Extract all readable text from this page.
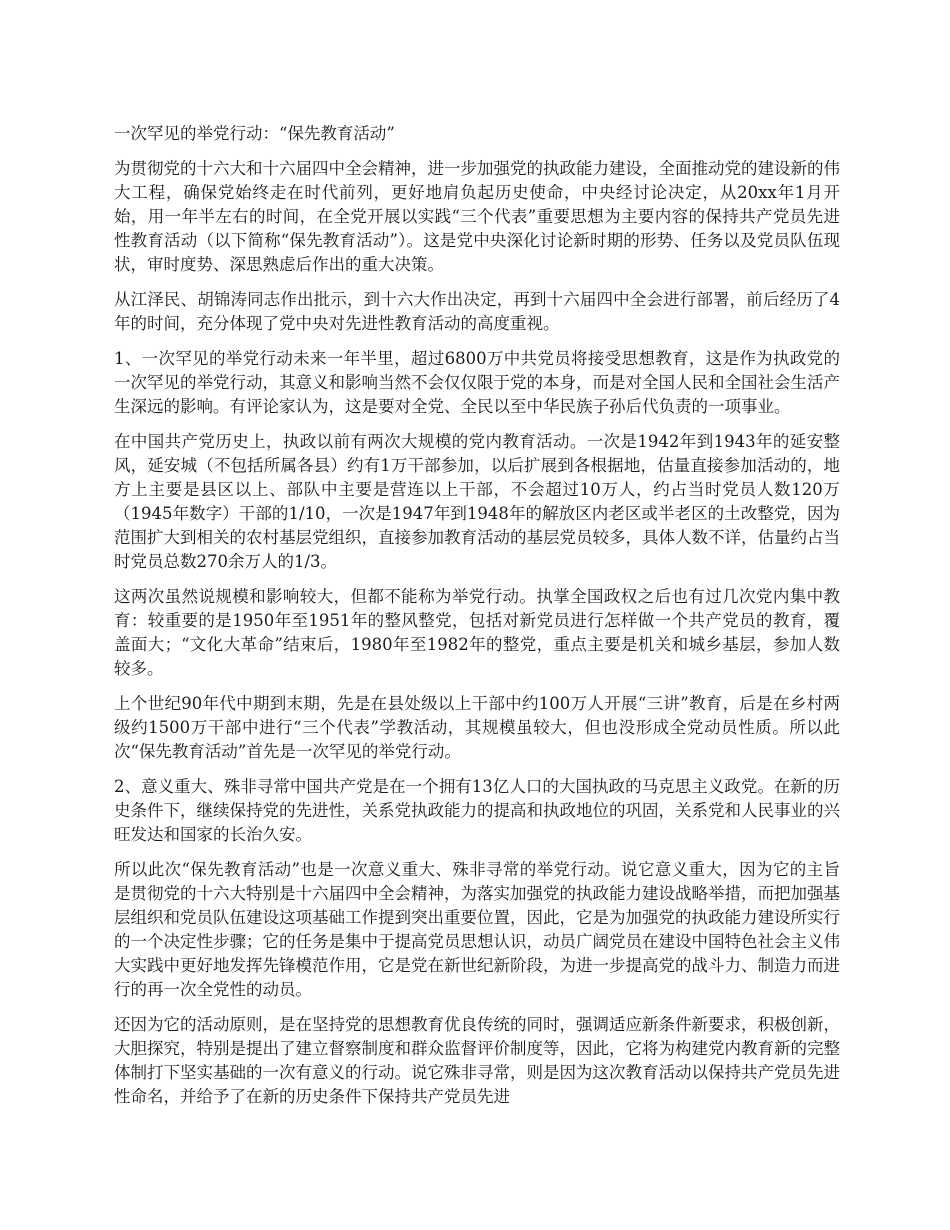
一次罕见的举党行动：“保先教育活动”

为贯彻党的十六大和十六届四中全会精神，进一步加强党的执政能力建设，全面推动党的建设新的伟大工程，确保党始终走在时代前列，更好地肩负起历史使命，中央经讨论决定，从20xx年1月开始，用一年半左右的时间，在全党开展以实践“三个代表”重要思想为主要内容的保持共产党员先进性教育活动（以下简称“保先教育活动”）。这是党中央深化讨论新时期的形势、任务以及党员队伍现状，审时度势、深思熟虑后作出的重大决策。

从江泽民、胡锦涛同志作出批示，到十六大作出决定，再到十六届四中全会进行部署，前后经历了4年的时间，充分体现了党中央对先进性教育活动的高度重视。

1、一次罕见的举党行动未来一年半里，超过6800万中共党员将接受思想教育，这是作为执政党的一次罕见的举党行动，其意义和影响当然不会仅仅限于党的本身，而是对全国人民和全国社会生活产生深远的影响。有评论家认为，这是要对全党、全民以至中华民族子孙后代负责的一项事业。

在中国共产党历史上，执政以前有两次大规模的党内教育活动。一次是1942年到1943年的延安整风，延安城（不包括所属各县）约有1万干部参加，以后扩展到各根据地，估量直接参加活动的，地方上主要是县区以上、部队中主要是营连以上干部，不会超过10万人，约占当时党员人数120万（1945年数字）干部的1/10，一次是1947年到1948年的解放区内老区或半老区的土改整党，因为范围扩大到相关的农村基层党组织，直接参加教育活动的基层党员较多，具体人数不详，估量约占当时党员总数270余万人的1/3。

这两次虽然说规模和影响较大，但都不能称为举党行动。执掌全国政权之后也有过几次党内集中教育：较重要的是1950年至1951年的整风整党，包括对新党员进行怎样做一个共产党员的教育，覆盖面大；“文化大革命”结束后，1980年至1982年的整党，重点主要是机关和城乡基层，参加人数较多。

上个世纪90年代中期到末期，先是在县处级以上干部中约100万人开展“三讲”教育，后是在乡村两级约1500万干部中进行“三个代表”学教活动，其规模虽较大，但也没形成全党动员性质。所以此次“保先教育活动”首先是一次罕见的举党行动。

2、意义重大、殊非寻常中国共产党是在一个拥有13亿人口的大国执政的马克思主义政党。在新的历史条件下，继续保持党的先进性，关系党执政能力的提高和执政地位的巩固，关系党和人民事业的兴旺发达和国家的长治久安。

所以此次“保先教育活动”也是一次意义重大、殊非寻常的举党行动。说它意义重大，因为它的主旨是贯彻党的十六大特别是十六届四中全会精神，为落实加强党的执政能力建设战略举措，而把加强基层组织和党员队伍建设这项基础工作提到突出重要位置，因此，它是为加强党的执政能力建设所实行的一个决定性步骤；它的任务是集中于提高党员思想认识，动员广阔党员在建设中国特色社会主义伟大实践中更好地发挥先锋模范作用，它是党在新世纪新阶段，为进一步提高党的战斗力、制造力而进行的再一次全党性的动员。

还因为它的活动原则，是在坚持党的思想教育优良传统的同时，强调适应新条件新要求，积极创新，大胆探究，特别是提出了建立督察制度和群众监督评价制度等，因此，它将为构建党内教育新的完整体制打下坚实基础的一次有意义的行动。说它殊非寻常，则是因为这次教育活动以保持共产党员先进性命名，并给予了在新的历史条件下保持共产党员先进
